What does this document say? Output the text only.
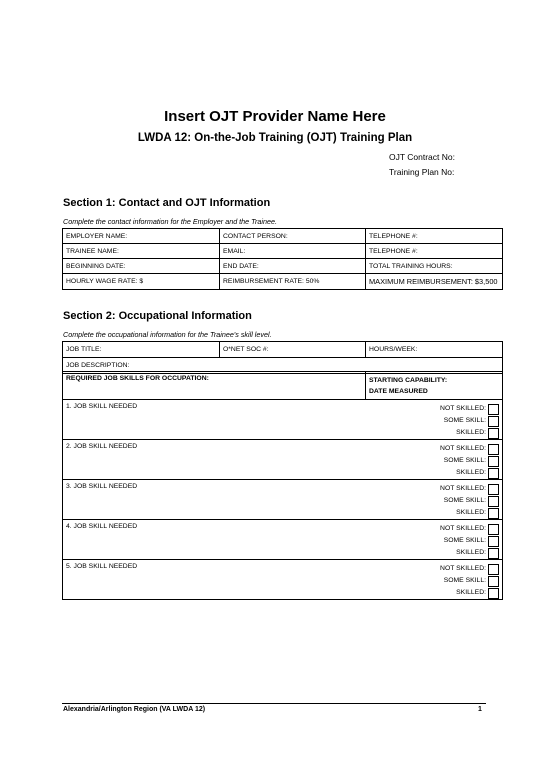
Insert OJT Provider Name Here
LWDA 12: On-the-Job Training (OJT) Training Plan
OJT Contract No:
Training Plan No:
Section 1: Contact and OJT Information
Complete the contact information for the Employer and the Trainee.
EMPLOYER NAME:	CONTACT PERSON:	TELEPHONE #:
TRAINEE NAME:	EMAIL:	TELEPHONE #:
BEGINNING DATE:	END DATE:	TOTAL TRAINING HOURS:
HOURLY WAGE RATE: $	REIMBURSEMENT RATE: 50%	MAXIMUM REIMBURSEMENT: $3,500
Section 2: Occupational Information
Complete the occupational information for the Trainee's skill level.
JOB TITLE:	O*NET SOC #:	HOURS/WEEK:
JOB DESCRIPTION:
REQUIRED JOB SKILLS FOR OCCUPATION:	STARTING CAPABILITY:
DATE MEASURED

1. JOB SKILL NEEDED	NOT SKILLED:
SOME SKILL:
SKILLED:

2. JOB SKILL NEEDED	NOT SKILLED:
SOME SKILL:
SKILLED:

3. JOB SKILL NEEDED	NOT SKILLED:
SOME SKILL:
SKILLED:

4. JOB SKILL NEEDED	NOT SKILLED:
SOME SKILL:
SKILLED:

5. JOB SKILL NEEDED	NOT SKILLED:
SOME SKILL:
SKILLED:
Alexandria/Arlington Region (VA LWDA 12)	1
